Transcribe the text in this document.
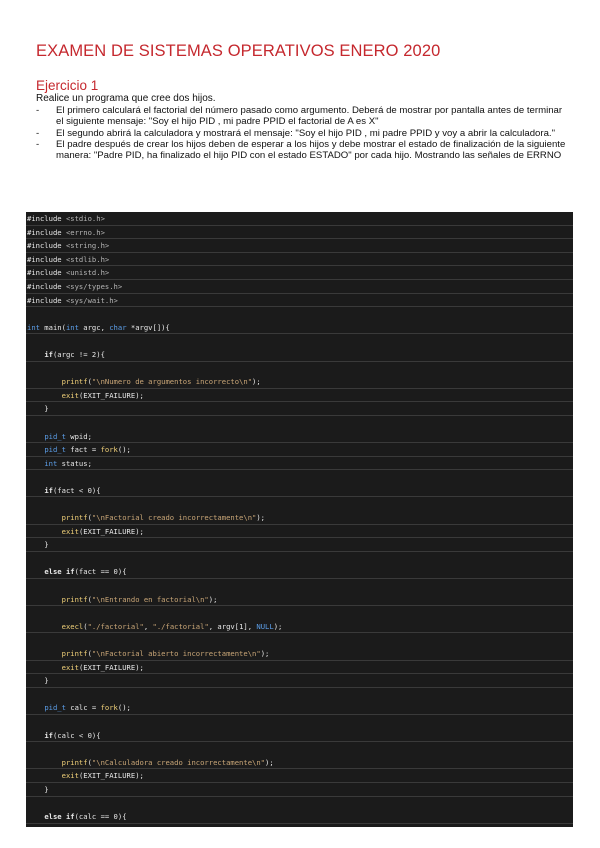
EXAMEN DE SISTEMAS OPERATIVOS ENERO 2020
Ejercicio 1
Realice un programa que cree dos hijos.
- El primero calculará el factorial del número pasado como argumento. Deberá de mostrar por pantalla antes de terminar el siguiente mensaje: "Soy el hijo PID , mi padre PPID el factorial de A es X"
- El segundo abrirá la calculadora y mostrará el mensaje: "Soy el hijo PID , mi padre PPID y voy a abrir la calculadora."
- El padre después de crear los hijos deben de esperar a los hijos y debe mostrar el estado de finalización de la siguiente manera: "Padre PID, ha finalizado el hijo PID con el estado ESTADO" por cada hijo. Mostrando las señales de ERRNO
#include <stdio.h>
#include <errno.h>
#include <string.h>
#include <stdlib.h>
#include <unistd.h>
#include <sys/types.h>
#include <sys/wait.h>

int main(int argc, char *argv[]){

if(argc != 2){

printf("\nNumero de argumentos incorrecto\n");
exit(EXIT_FAILURE);
}

pid_t wpid;
pid_t fact = fork();
int status;

if(fact < 0){

printf("\nFactorial creado incorrectamente\n");
exit(EXIT_FAILURE);
}

else if(fact == 0){

printf("\nEntrando en factorial\n");

execl("./factorial", "./factorial", argv[1], NULL);

printf("\nFactorial abierto incorrectamente\n");
exit(EXIT_FAILURE);
}

pid_t calc = fork();

if(calc < 0){

printf("\nCalculadora creado incorrectamente\n");
exit(EXIT_FAILURE);
}

else if(calc == 0){
